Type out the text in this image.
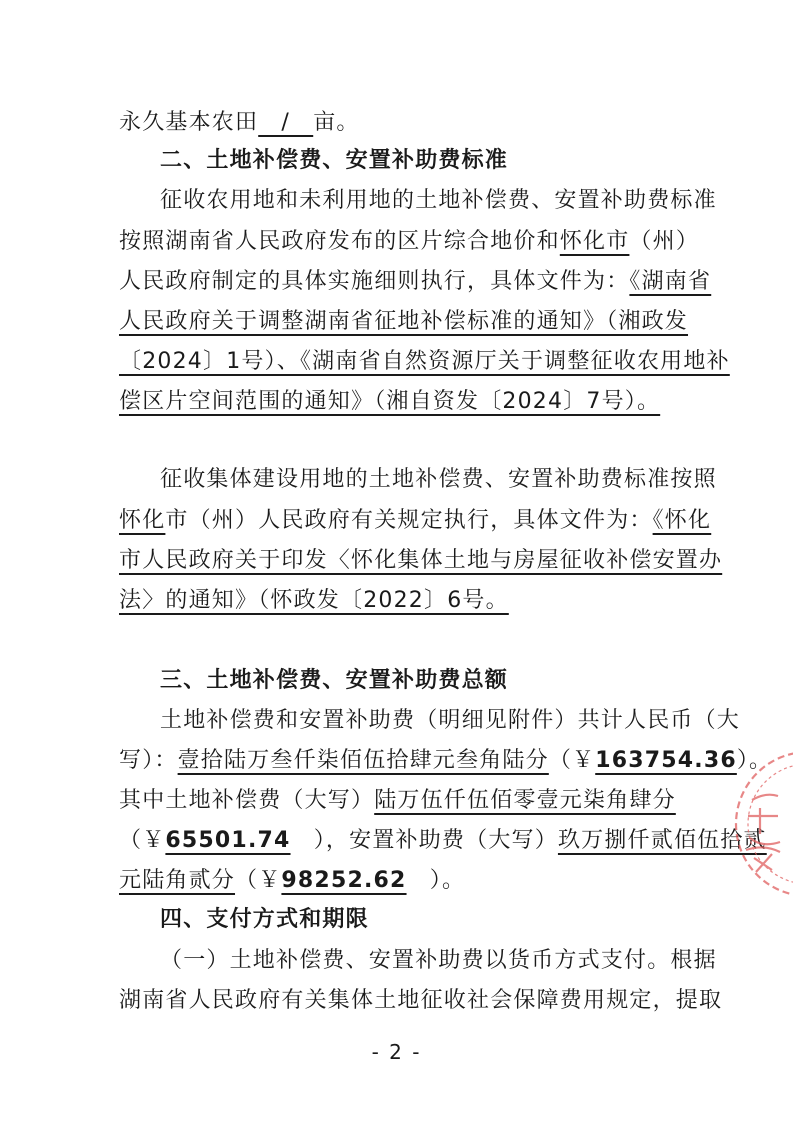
永久基本农田　/　亩。
二、土地补偿费、安置补助费标准
征收农用地和未利用地的土地补偿费、安置补助费标准
按照湖南省人民政府发布的区片综合地价和怀化市（州）
人民政府制定的具体实施细则执行，具体文件为：《湖南省
人民政府关于调整湖南省征地补偿标准的通知》（湘政发
〔2024〕1号）、《湖南省自然资源厅关于调整征收农用地补
偿区片空间范围的通知》（湘自资发〔2024〕7号）。
征收集体建设用地的土地补偿费、安置补助费标准按照
怀化市（州）人民政府有关规定执行，具体文件为：《怀化
市人民政府关于印发〈怀化集体土地与房屋征收补偿安置办
法〉的通知》（怀政发〔2022〕6号。
三、土地补偿费、安置补助费总额
土地补偿费和安置补助费（明细见附件）共计人民币（大
写）：壹拾陆万叁仟柒佰伍拾肆元叁角陆分（￥163754.36）。
其中土地补偿费（大写）陆万伍仟伍佰零壹元柒角肆分
（￥65501.74　），安置补助费（大写）玖万捌仟贰佰伍拾贰
元陆角贰分（￥98252.62　）。
四、支付方式和期限
（一）土地补偿费、安置补助费以货币方式支付。根据
湖南省人民政府有关集体土地征收社会保障费用规定，提取
- 2 -
